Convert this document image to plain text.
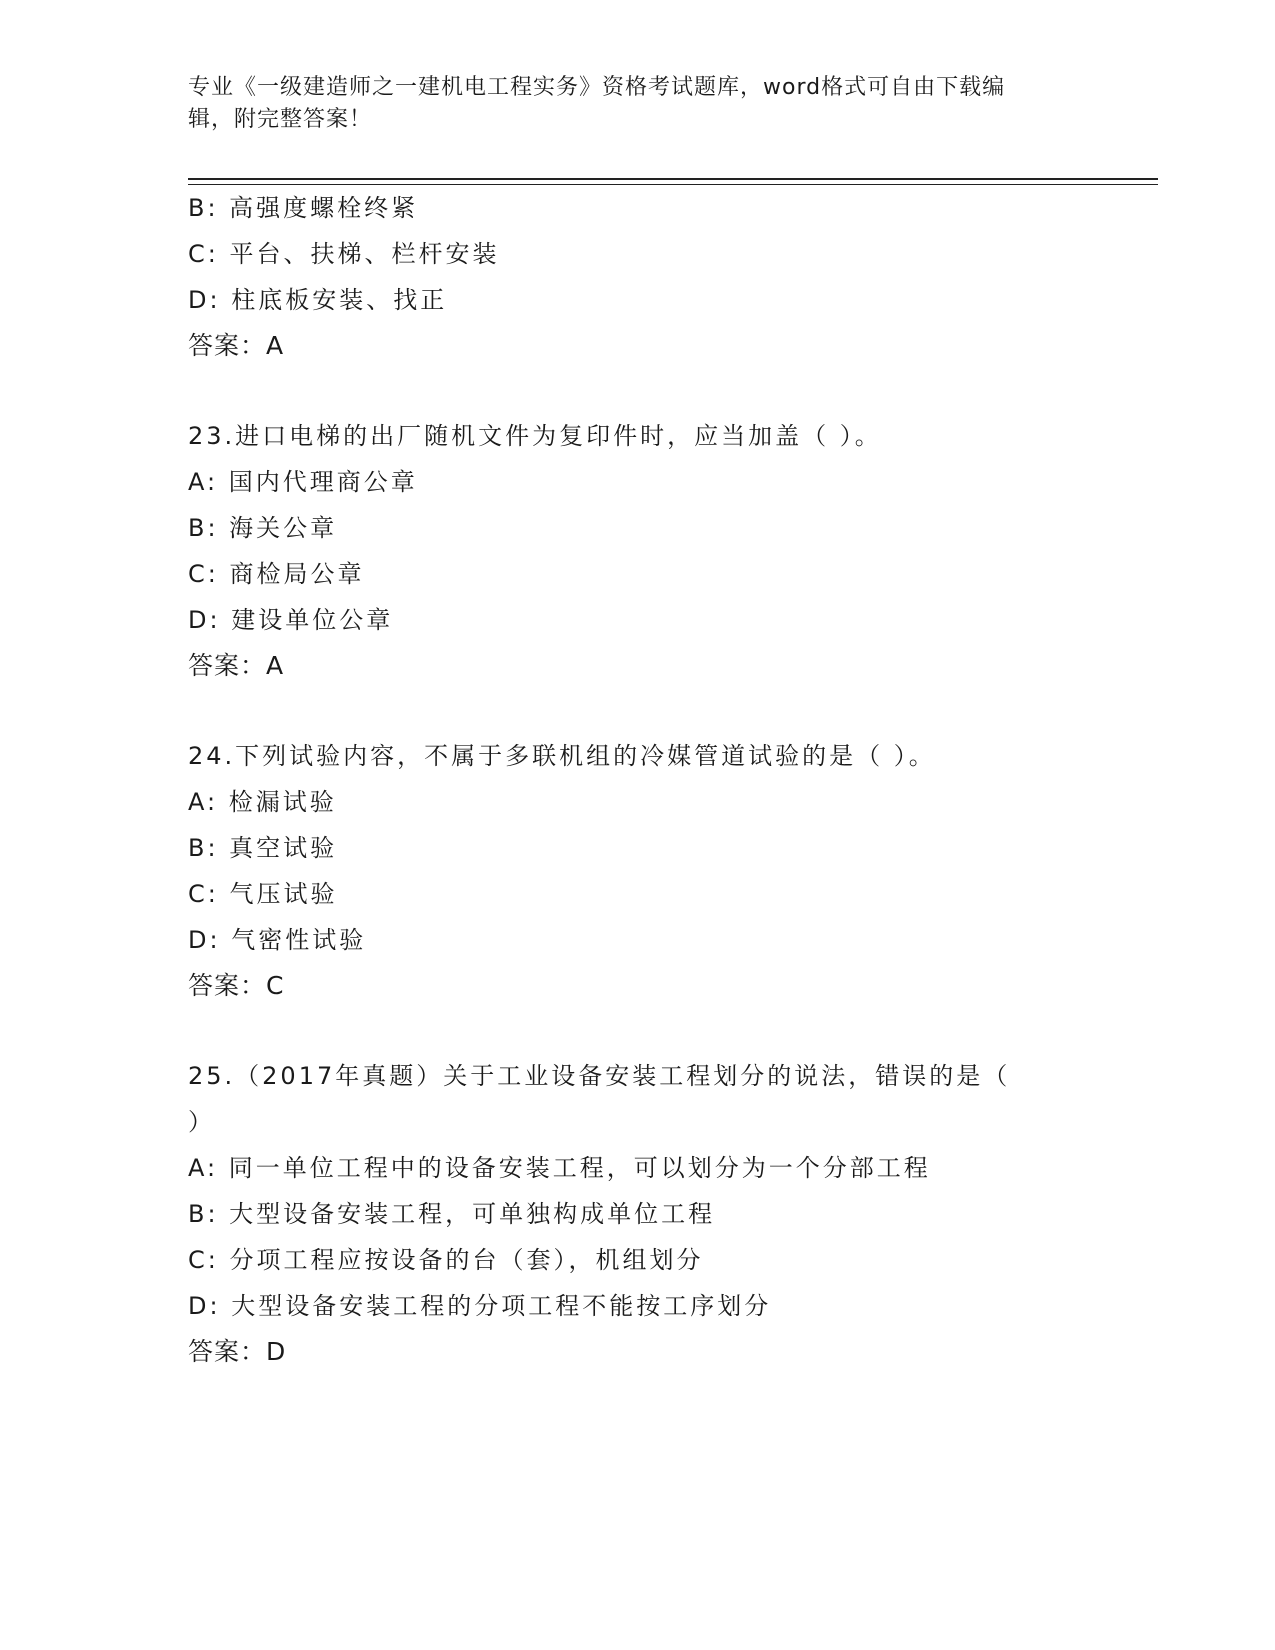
专业《一级建造师之一建机电工程实务》资格考试题库，word格式可自由下载编
辑，附完整答案！
B: 高强度螺栓终紧
C: 平台、扶梯、栏杆安装
D: 柱底板安装、找正
答案：A
23.进口电梯的出厂随机文件为复印件时，应当加盖（ ）。
A: 国内代理商公章
B: 海关公章
C: 商检局公章
D: 建设单位公章
答案：A
24.下列试验内容，不属于多联机组的冷媒管道试验的是（ ）。
A: 检漏试验
B: 真空试验
C: 气压试验
D: 气密性试验
答案：C
25.（2017年真题）关于工业设备安装工程划分的说法，错误的是（
）
A: 同一单位工程中的设备安装工程，可以划分为一个分部工程
B: 大型设备安装工程，可单独构成单位工程
C: 分项工程应按设备的台（套），机组划分
D: 大型设备安装工程的分项工程不能按工序划分
答案：D
